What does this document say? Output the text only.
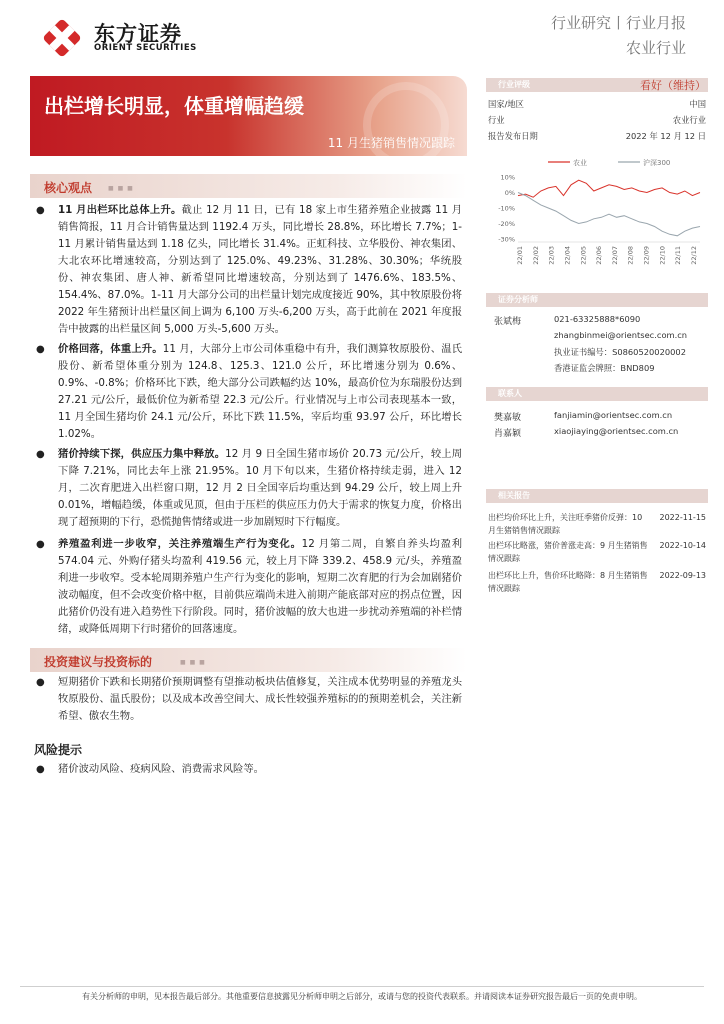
东方证券
ORIENT SECURITIES
行业研究丨行业月报
农业行业
出栏增长明显，体重增幅趋缓
11 月生猪销售情况跟踪
核心观点	■ ■ ■
● 11 月出栏环比总体上升。截止 12 月 11 日，已有 18 家上市生猪养殖企业披露 11 月销售简报，11 月合计销售量达到 1192.4 万头，同比增长 28.8%，环比增长 7.7%；1-11 月累计销售量达到 1.18 亿头，同比增长 31.4%。正虹科技、立华股份、神农集团、大北农环比增速较高，分别达到了 125.0%、49.23%、31.28%、30.30%；华统股份、神农集团、唐人神、新希望同比增速较高，分别达到了 1476.6%、183.5%、154.4%、87.0%。1-11 月大部分公司的出栏量计划完成度接近 90%，其中牧原股份将 2022 年生猪预计出栏量区间上调为 6,100 万头-6,200 万头，高于此前在 2021 年度报告中披露的出栏量区间 5,000 万头-5,600 万头。
● 价格回落，体重上升。11 月，大部分上市公司体重稳中有升，我们测算牧原股份、温氏股份、新希望体重分别为 124.8、125.3、121.0 公斤，环比增速分别为 0.6%、0.9%、-0.8%；价格环比下跌，绝大部分公司跌幅约达 10%，最高价位为东瑞股份达到 27.21 元/公斤，最低价位为新希望 22.3 元/公斤。行业情况与上市公司表现基本一致，11 月全国生猪均价 24.1 元/公斤，环比下跌 11.5%，宰后均重 93.97 公斤，环比增长 1.02%。
● 猪价持续下探，供应压力集中释放。12 月 9 日全国生猪市场价 20.73 元/公斤，较上周下降 7.21%，同比去年上涨 21.95%。10 月下旬以来，生猪价格持续走弱，进入 12 月，二次育肥进入出栏窗口期，12 月 2 日全国宰后均重达到 94.29 公斤，较上周上升 0.01%，增幅趋缓，体重或见顶，但由于压栏的供应压力仍大于需求的恢复力度，价格出现了超预期的下行，恐慌抛售情绪或进一步加剧短时下行幅度。
● 养殖盈利进一步收窄，关注养殖端生产行为变化。12 月第二周，自繁自养头均盈利 574.04 元、外购仔猪头均盈利 419.56 元，较上月下降 339.2、458.9 元/头，养殖盈利进一步收窄。受本轮周期养殖户生产行为变化的影响，短期二次育肥的行为会加剧猪价波动幅度，但不会改变价格中枢，目前供应端尚未进入前期产能底部对应的拐点位置，因此猪价仍没有进入趋势性下行阶段。同时，猪价波幅的放大也进一步扰动养殖端的补栏情绪，或降低周期下行时猪价的回落速度。
投资建议与投资标的	■ ■ ■
● 短期猪价下跌和长期猪价预期调整有望推动板块估值修复，关注成本优势明显的养殖龙头牧原股份、温氏股份；以及成本改善空间大、成长性较强养殖标的的预期差机会，关注新希望、傲农生物。
风险提示
● 猪价波动风险、疫病风险、消费需求风险等。
行业评级	看好（维持）
国家/地区	中国
行业	农业行业
报告发布日期	2022 年 12 月 12 日
农业	沪深300
10%
0%
-10%
-20%
-30%
22/01 22/02 22/03 22/04 22/05 22/06 22/07 22/08 22/09 22/10 22/11 22/12
证券分析师
张斌梅	021-63325888*6090
zhangbinmei@orientsec.com.cn
执业证书编号：S0860520020002
香港证监会牌照：BND809
联系人
樊嘉敏	fanjiamin@orientsec.com.cn
肖嘉颖	xiaojiaying@orientsec.com.cn
相关报告
出栏均价环比上升，关注旺季猪价反弹：10 月生猪销售情况跟踪
2022-11-15
出栏环比略涨，猪价普涨走高：9 月生猪销售情况跟踪
2022-10-14
出栏环比上升，售价环比略降：8 月生猪销售情况跟踪
2022-09-13
有关分析师的申明，见本报告最后部分。其他重要信息披露见分析师申明之后部分，或请与您的投资代表联系。并请阅读本证券研究报告最后一页的免责申明。
